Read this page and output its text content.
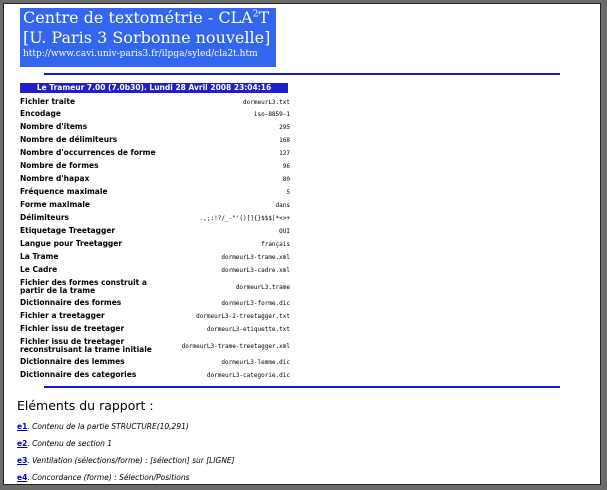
Centre de textométrie - CLA$^2$T
[U. Paris 3 Sorbonne nouvelle]
http://www.cavi.univ-paris3.fr/ilpga/syled/cla2t.htm
Le Trameur 7.00 (7.0b30). Lundi 28 Avril 2008 23:04:16
Fichier traite	dormeurL3.txt
Encodage	iso-8859-1
Nombre d'items	295
Nombre de délimiteurs	168
Nombre d'occurrences de forme	127
Nombre de formes	96
Nombre d'hapax	80
Fréquence maximale	5
Forme maximale	dans
Délimiteurs	.,;:!?/_-"'()[]{}$$$|*<>+
Etiquetage Treetagger	OUI
Langue pour Treetagger	français
La Trame	dormeurL3-trame.xml
Le Cadre	dormeurL3-cadre.xml
Fichier des formes construit a partir de la trame	dormeurL3.trame
Dictionnaire des formes	dormeurL3-forme.dic
Fichier a treetagger	dormeurL3-2-treetagger.txt
Fichier issu de treetager	dormeurL3-etiquette.txt
Fichier issu de treetager reconstruisant la trame initiale	dormeurL3-trame-treetagger.xml
Dictionnaire des lemmes	dormeurL3-lemme.dic
Dictionnaire des categories	dormeurL3-categorie.dic
Eléments du rapport :
e1. Contenu de la partie STRUCTURE(10,291)
e2. Contenu de section 1
e3. Ventilation (sélections/forme) : [sélection] sur [LIGNE]
e4. Concordance (forme) : Sélection/Positions
